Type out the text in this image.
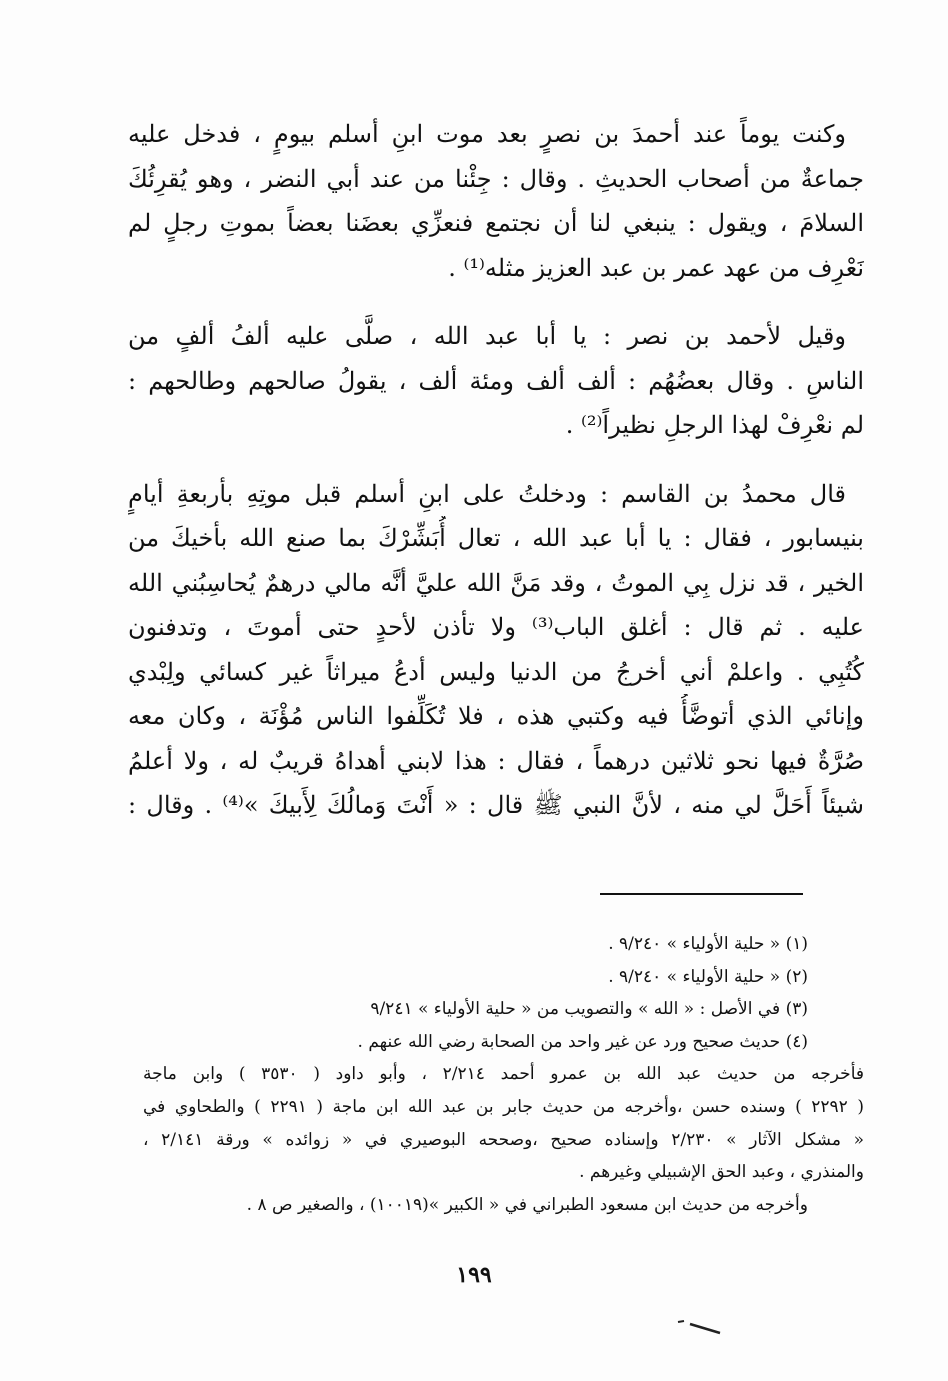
وكنت يوماً عند أحمدَ بن نصرٍ بعد موت ابنِ أسلم بيومٍ ، فدخل عليه
جماعةٌ من أصحاب الحديثِ . وقال : جِئْنا من عند أبي النضر ، وهو يُقرِئُكَ
السلامَ ، ويقول : ينبغي لنا أن نجتمع فنعزِّي بعضَنا بعضاً بموتِ رجلٍ لم
نَعْرِف من عهد عمر بن عبد العزيز مثله⁽¹⁾ .
وقيل لأحمد بن نصر : يا أبا عبد الله ، صلَّى عليه ألفُ ألفٍ من
الناسِ . وقال بعضُهُم : ألف ألف ومئة ألف ، يقولُ صالحهم وطالحهم :
لم نعْرِفْ لهذا الرجلِ نظيراً⁽²⁾ .
قال محمدُ بن القاسم : ودخلتُ على ابنِ أسلم قبل موتِهِ بأربعةِ أيامٍ
بنيسابور ، فقال : يا أبا عبد الله ، تعال أُبَشِّرْكَ بما صنع الله بأخيكَ من
الخير ، قد نزل بِي الموتُ ، وقد مَنَّ الله عليَّ أنَّه مالي درهمٌ يُحاسِبُني الله
عليه . ثم قال : أغلق الباب⁽³⁾ ولا تأذن لأحدٍ حتى أموتَ ، وتدفنون
كُتُبِي . واعلمْ أني أخرجُ من الدنيا وليس أدعُ ميراثاً غير كسائي ولِبْدي
وإنائي الذي أتوضَّأُ فيه وكتبي هذه ، فلا تُكَلِّفوا الناس مُؤْنَة ، وكان معه
صُرَّةٌ فيها نحو ثلاثين درهماً ، فقال : هذا لابني أهداهُ قريبٌ له ، ولا أعلمُ
شيئاً أَحَلَّ لي منه ، لأنَّ النبي ﷺ قال : « أَنْتَ وَمالُكَ لِأَبيكَ »⁽⁴⁾ . وقال :
(١) « حلية الأولياء » ٩/٢٤٠ .
(٢) « حلية الأولياء » ٩/٢٤٠ .
(٣) في الأصل : « الله » والتصويب من « حلية الأولياء » ٩/٢٤١
(٤) حديث صحيح ورد عن غير واحد من الصحابة رضي الله عنهم .
فأخرجه من حديث عبد الله بن عمرو أحمد ٢/٢١٤ ، وأبو داود ( ٣٥٣٠ ) وابن ماجة
( ٢٢٩٢ ) وسنده حسن ،وأخرجه من حديث جابر بن عبد الله ابن ماجة ( ٢٢٩١ ) والطحاوي في
« مشكل الآثار » ٢/٢٣٠ وإسناده صحيح ،وصححه البوصيري في « زوائده » ورقة ٢/١٤١ ،
والمنذري ، وعبد الحق الإشبيلي وغيرهم .
وأخرجه من حديث ابن مسعود الطبراني في « الكبير »(١٠٠١٩) ، والصغير ص ٨ .
١٩٩
